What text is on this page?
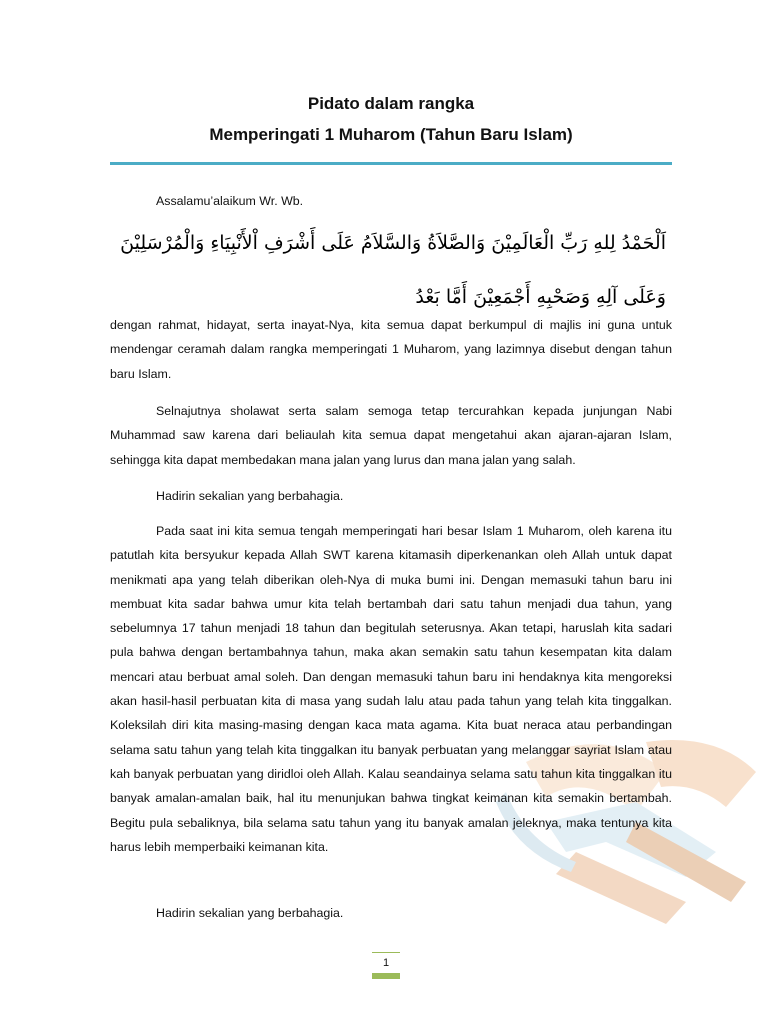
Pidato dalam rangka
Memperingati 1 Muharom (Tahun Baru Islam)
Assalamu’alaikum Wr. Wb.
اَلْحَمْدُ لِلهِ رَبِّ الْعَالَمِيْنَ وَالصَّلاَةُ وَالسَّلاَمُ عَلَى أَشْرَفِ اْلأَنْبِيَاءِ وَالْمُرْسَلِيْنَ
وَعَلَى آلِهِ وَصَحْبِهِ أَجْمَعِيْنَ أَمَّا بَعْدُ
dengan rahmat, hidayat, serta inayat-Nya, kita semua dapat berkumpul di majlis ini guna untuk mendengar ceramah dalam rangka memperingati 1 Muharom, yang lazimnya disebut dengan tahun baru Islam.
Selnajutnya sholawat serta salam semoga tetap tercurahkan kepada junjungan Nabi Muhammad saw karena dari beliaulah kita semua dapat mengetahui akan ajaran-ajaran Islam, sehingga kita dapat membedakan mana jalan yang lurus dan mana jalan yang salah.
Hadirin sekalian yang berbahagia.
Pada saat ini kita semua tengah memperingati hari besar Islam 1 Muharom, oleh karena itu patutlah kita bersyukur kepada Allah SWT karena kitamasih diperkenankan oleh Allah untuk dapat menikmati apa yang telah diberikan oleh-Nya di muka bumi ini. Dengan memasuki tahun baru ini membuat kita sadar bahwa umur kita telah bertambah dari satu tahun menjadi dua tahun, yang sebelumnya 17 tahun menjadi 18 tahun dan begitulah seterusnya. Akan tetapi, haruslah kita sadari pula bahwa dengan bertambahnya tahun, maka akan semakin satu tahun kesempatan kita dalam mencari atau berbuat amal soleh. Dan dengan memasuki tahun baru ini hendaknya kita mengoreksi akan hasil-hasil perbuatan kita di masa yang sudah lalu atau pada tahun yang telah kita tinggalkan. Koleksilah diri kita masing-masing dengan kaca mata agama. Kita buat neraca atau perbandingan selama satu tahun yang telah kita tinggalkan itu banyak perbuatan yang melanggar sayriat Islam atau kah banyak perbuatan yang diridloi oleh Allah. Kalau seandainya selama satu tahun kita tinggalkan itu banyak amalan-amalan baik, hal itu menunjukan bahwa tingkat keimanan kita semakin bertambah. Begitu pula sebaliknya, bila selama satu tahun yang itu banyak amalan jeleknya, maka tentunya kita harus lebih memperbaiki keimanan kita.
Hadirin sekalian yang berbahagia.
1
